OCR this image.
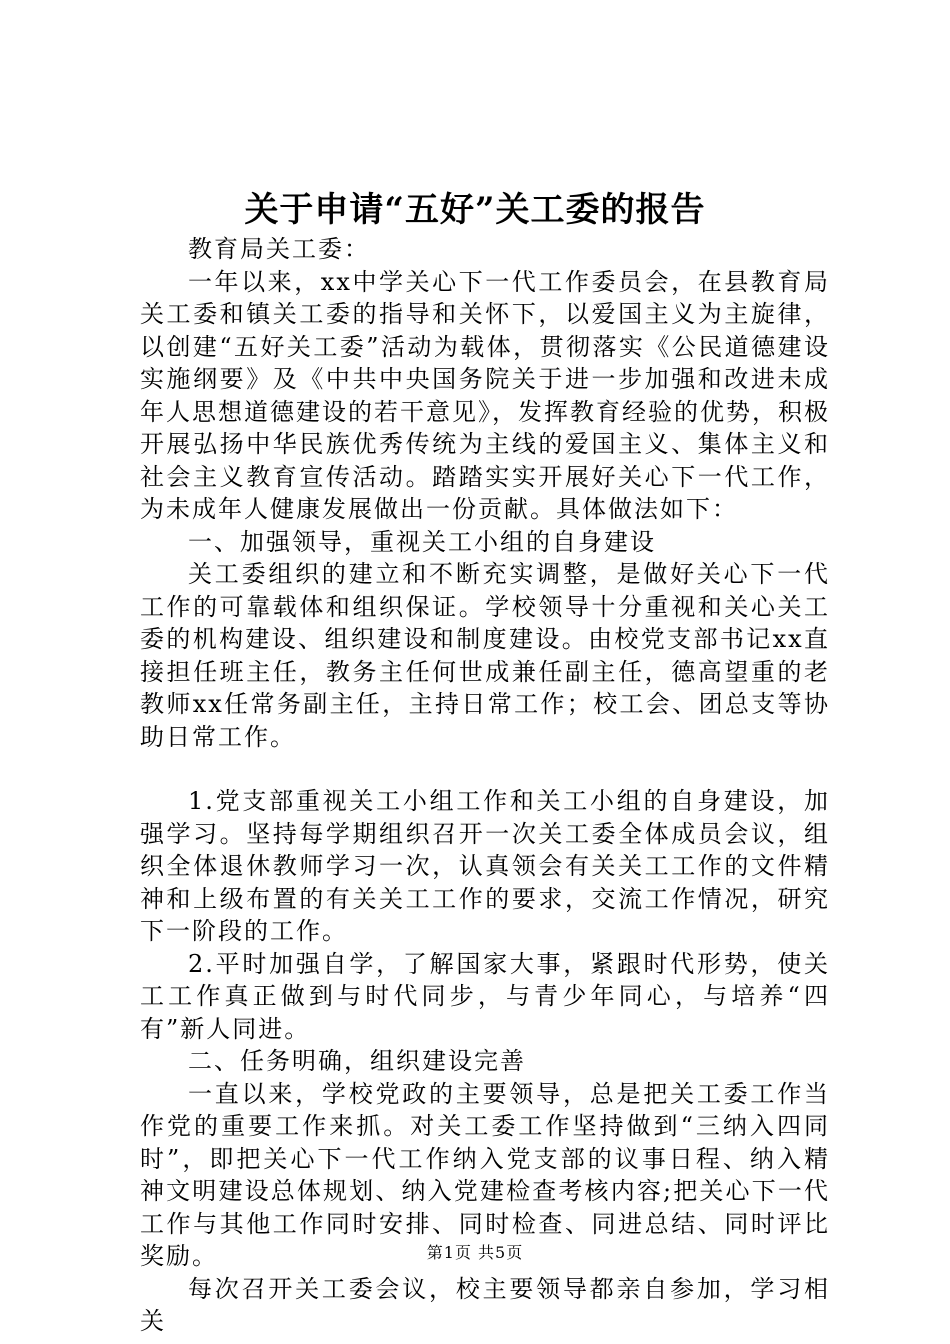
关于申请“五好”关工委的报告

教育局关工委：

一年以来，xx中学关心下一代工作委员会，在县教育局关工委和镇关工委的指导和关怀下，以爱国主义为主旋律，以创建“五好关工委”活动为载体，贯彻落实《公民道德建设实施纲要》及《中共中央国务院关于进一步加强和改进未成年人思想道德建设的若干意见》，发挥教育经验的优势，积极开展弘扬中华民族优秀传统为主线的爱国主义、集体主义和社会主义教育宣传活动。踏踏实实开展好关心下一代工作，为未成年人健康发展做出一份贡献。具体做法如下：

一、加强领导，重视关工小组的自身建设

关工委组织的建立和不断充实调整，是做好关心下一代工作的可靠载体和组织保证。学校领导十分重视和关心关工委的机构建设、组织建设和制度建设。由校党支部书记xx直接担任班主任，教务主任何世成兼任副主任，德高望重的老教师xx任常务副主任，主持日常工作；校工会、团总支等协助日常工作。

1.党支部重视关工小组工作和关工小组的自身建设，加强学习。坚持每学期组织召开一次关工委全体成员会议，组织全体退休教师学习一次，认真领会有关关工工作的文件精神和上级布置的有关关工工作的要求，交流工作情况，研究下一阶段的工作。

2.平时加强自学，了解国家大事，紧跟时代形势，使关工工作真正做到与时代同步，与青少年同心，与培养“四有”新人同进。

二、任务明确，组织建设完善

一直以来，学校党政的主要领导，总是把关工委工作当作党的重要工作来抓。对关工委工作坚持做到“三纳入四同时”，即把关心下一代工作纳入党支部的议事日程、纳入精神文明建设总体规划、纳入党建检查考核内容;把关心下一代工作与其他工作同时安排、同时检查、同进总结、同时评比奖励。

每次召开关工委会议，校主要领导都亲自参加，学习相关

第1页 共5页
